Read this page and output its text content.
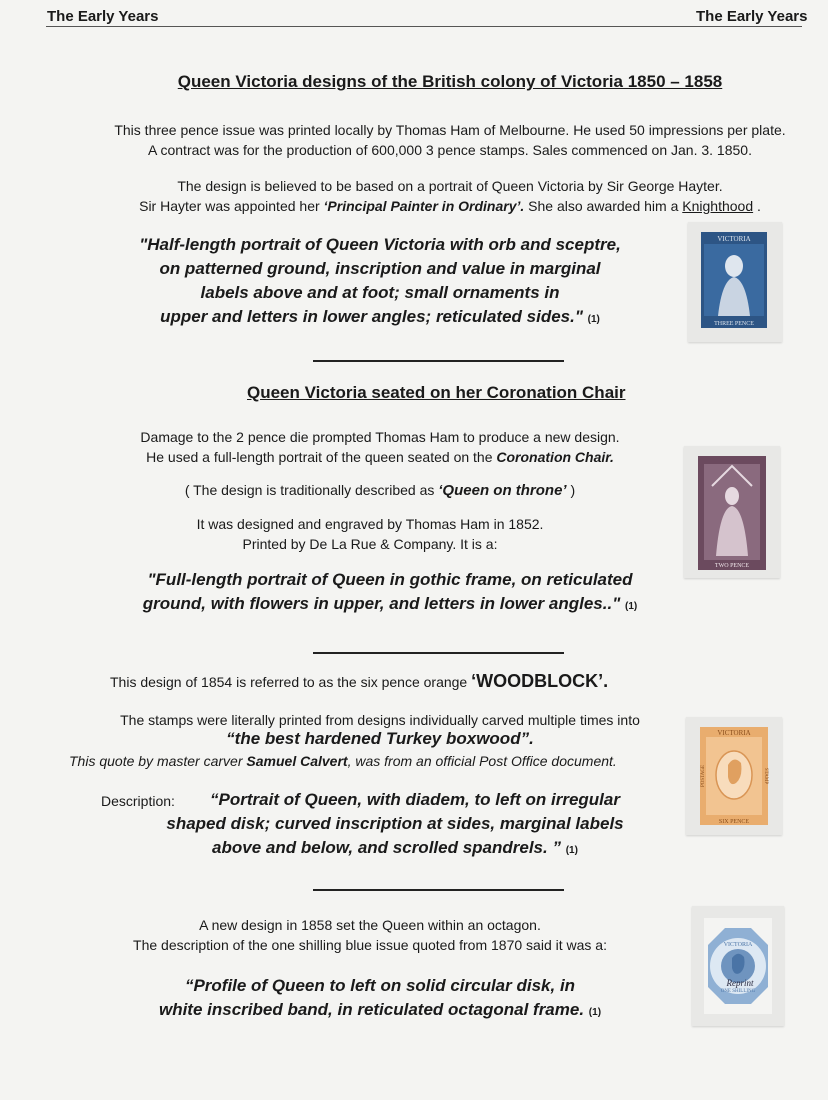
The Early Years	The Early Years
Queen Victoria designs of the British colony of Victoria 1850 – 1858
This three pence issue was printed locally by Thomas Ham of Melbourne. He used 50 impressions per plate.
A contract was for the production of 600,000 3 pence stamps. Sales commenced on Jan. 3. 1850.
The design is believed to be based on a portrait of Queen Victoria by Sir George Hayter.
Sir Hayter was appointed her ‘Principal Painter in Ordinary’. She also awarded him a Knighthood .
"Half-length portrait of Queen Victoria with orb and sceptre,
on patterned ground, inscription and value in marginal
labels above and at foot; small ornaments in
upper and letters in lower angles; reticulated sides." (1)
VICTORIA
THREE PENCE
Queen Victoria seated on her Coronation Chair
Damage to the 2 pence die prompted Thomas Ham to produce a new design.
He used a full-length portrait of the queen seated on the Coronation Chair.
( The design is traditionally described as ‘Queen on throne’ )
It was designed and engraved by Thomas Ham in 1852.
Printed by De La Rue & Company. It is a:
"Full-length portrait of Queen in gothic frame, on reticulated
ground, with flowers in upper, and letters in lower angles.." (1)
TWO PENCE
This design of 1854 is referred to as the six pence orange ‘WOODBLOCK’.
The stamps were literally printed from designs individually carved multiple times into
“the best hardened Turkey boxwood”.
This quote by master carver Samuel Calvert, was from an official Post Office document.
Description:	“Portrait of Queen, with diadem, to left on irregular
shaped disk; curved inscription at sides, marginal labels
above and below, and scrolled spandrels. ” (1)
VICTORIA
SIX PENCE
POSTAGE	STAMP
A new design in 1858 set the Queen within an octagon.
The description of the one shilling blue issue quoted from 1870 said it was a:
“Profile of Queen to left on solid circular disk, in
white inscribed band, in reticulated octagonal frame. (1)
VICTORIA
ONE SHILLING
Reprint
